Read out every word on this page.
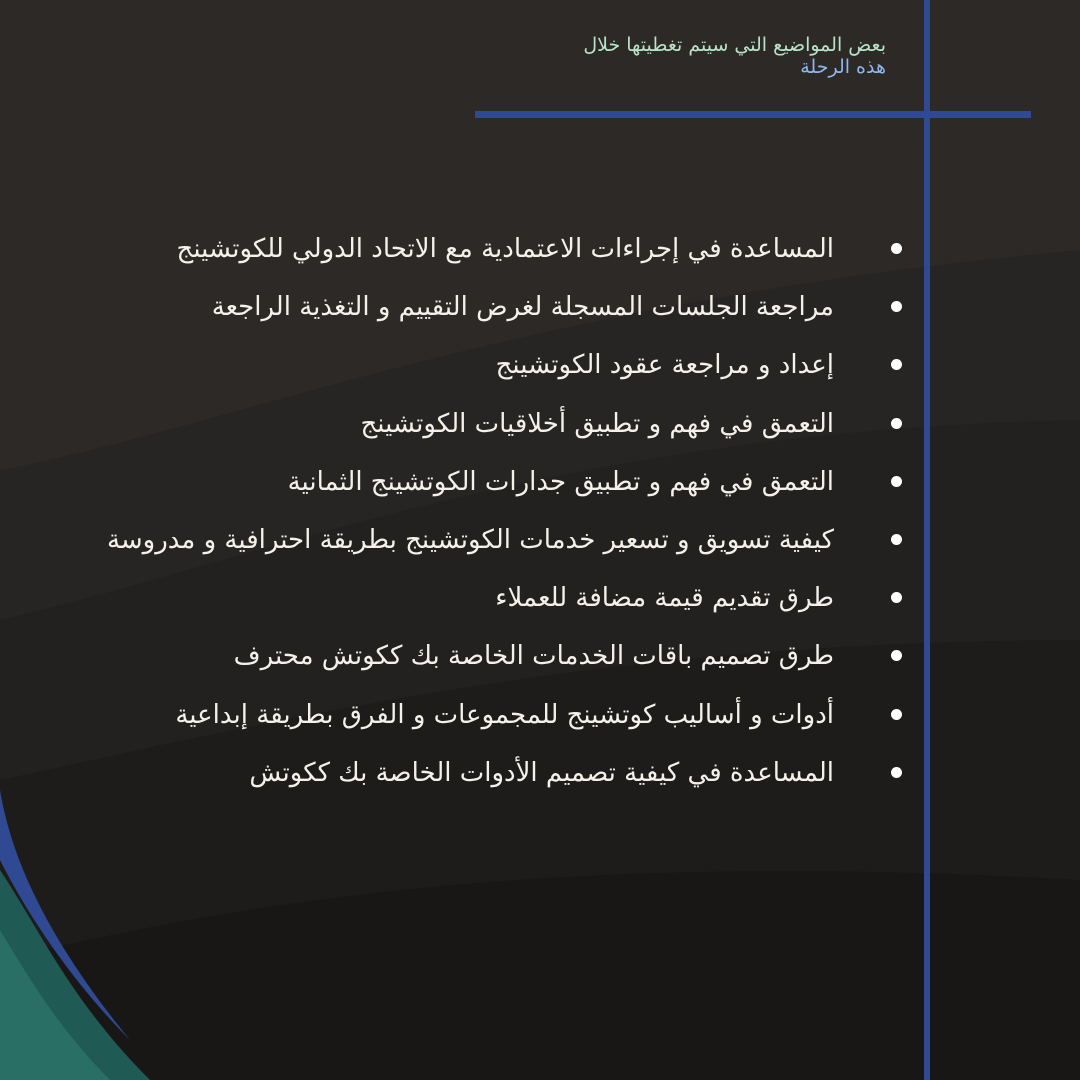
بعض المواضيع التي سيتم تغطيتها خلال
هذه الرحلة
المساعدة في إجراءات الاعتمادية مع الاتحاد الدولي للكوتشينج
مراجعة الجلسات المسجلة لغرض التقييم و التغذية الراجعة
إعداد و مراجعة عقود الكوتشينج
التعمق في فهم و تطبيق أخلاقيات الكوتشينج
التعمق في فهم و تطبيق جدارات الكوتشينج الثمانية
كيفية تسويق و تسعير خدمات الكوتشينج بطريقة احترافية و مدروسة
طرق تقديم قيمة مضافة للعملاء
طرق تصميم باقات الخدمات الخاصة بك ككوتش محترف
أدوات و أساليب كوتشينج للمجموعات و الفرق بطريقة إبداعية
المساعدة في كيفية تصميم الأدوات الخاصة بك ككوتش
